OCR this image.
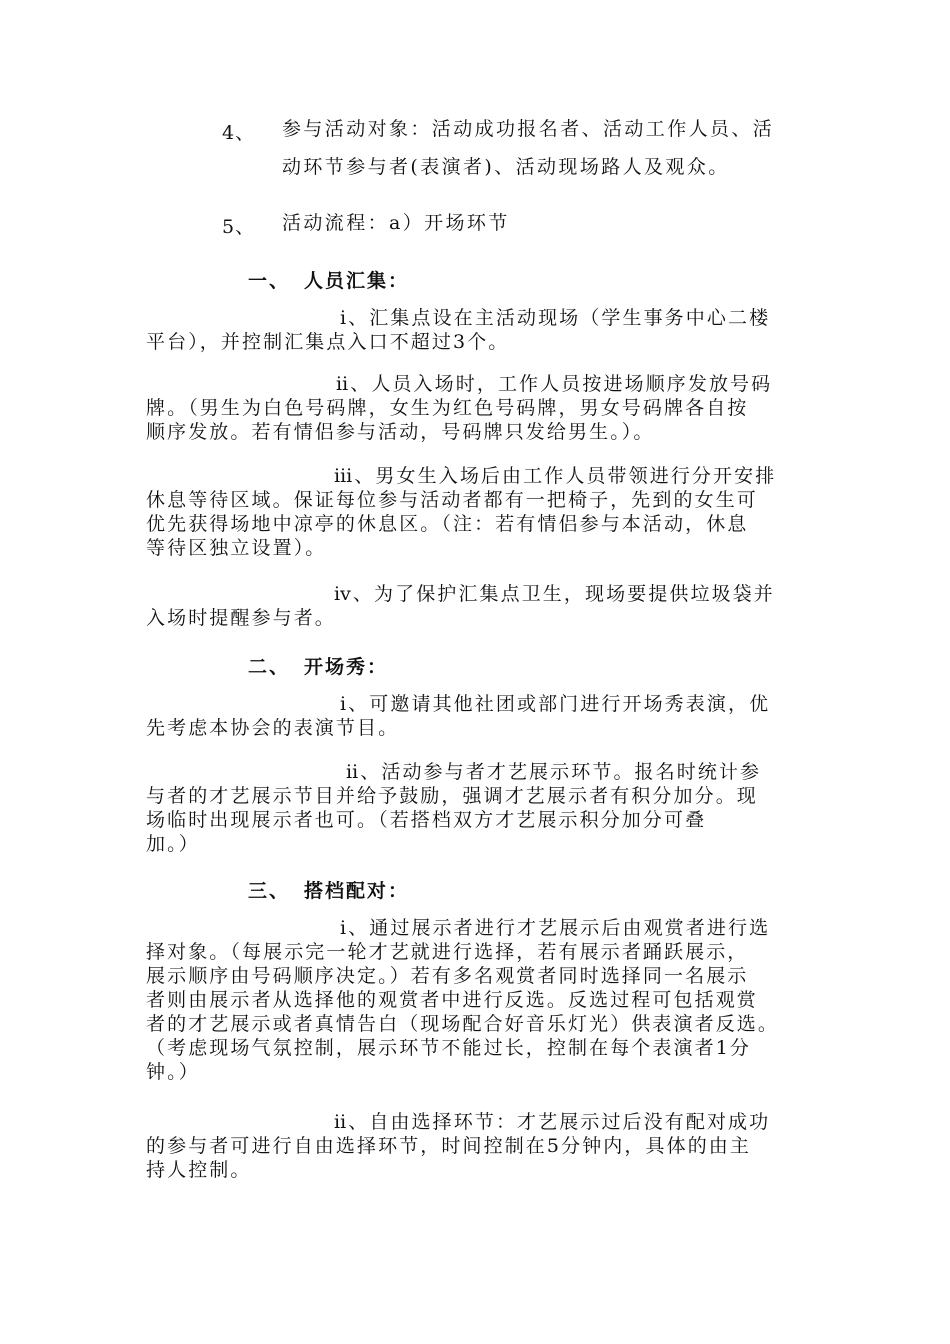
4、 参与活动对象：活动成功报名者、活动工作人员、活
动环节参与者(表演者)、活动现场路人及观众。
5、 活动流程：a）开场环节
一、 人员汇集：
ⅰ、汇集点设在主活动现场（学生事务中心二楼
平台），并控制汇集点入口不超过3个。
ⅱ、人员入场时，工作人员按进场顺序发放号码
牌。（男生为白色号码牌，女生为红色号码牌，男女号码牌各自按
顺序发放。若有情侣参与活动，号码牌只发给男生。）。
ⅲ、男女生入场后由工作人员带领进行分开安排
休息等待区域。保证每位参与活动者都有一把椅子，先到的女生可
优先获得场地中凉亭的休息区。（注：若有情侣参与本活动，休息
等待区独立设置）。
ⅳ、为了保护汇集点卫生，现场要提供垃圾袋并
入场时提醒参与者。
二、 开场秀：
ⅰ、可邀请其他社团或部门进行开场秀表演，优
先考虑本协会的表演节目。
ⅱ、活动参与者才艺展示环节。报名时统计参
与者的才艺展示节目并给予鼓励，强调才艺展示者有积分加分。现
场临时出现展示者也可。（若搭档双方才艺展示积分加分可叠
加。）
三、 搭档配对：
ⅰ、通过展示者进行才艺展示后由观赏者进行选
择对象。（每展示完一轮才艺就进行选择，若有展示者踊跃展示，
展示顺序由号码顺序决定。）若有多名观赏者同时选择同一名展示
者则由展示者从选择他的观赏者中进行反选。反选过程可包括观赏
者的才艺展示或者真情告白（现场配合好音乐灯光）供表演者反选。
（考虑现场气氛控制，展示环节不能过长，控制在每个表演者1分
钟。）
ⅱ、自由选择环节：才艺展示过后没有配对成功
的参与者可进行自由选择环节，时间控制在5分钟内，具体的由主
持人控制。
